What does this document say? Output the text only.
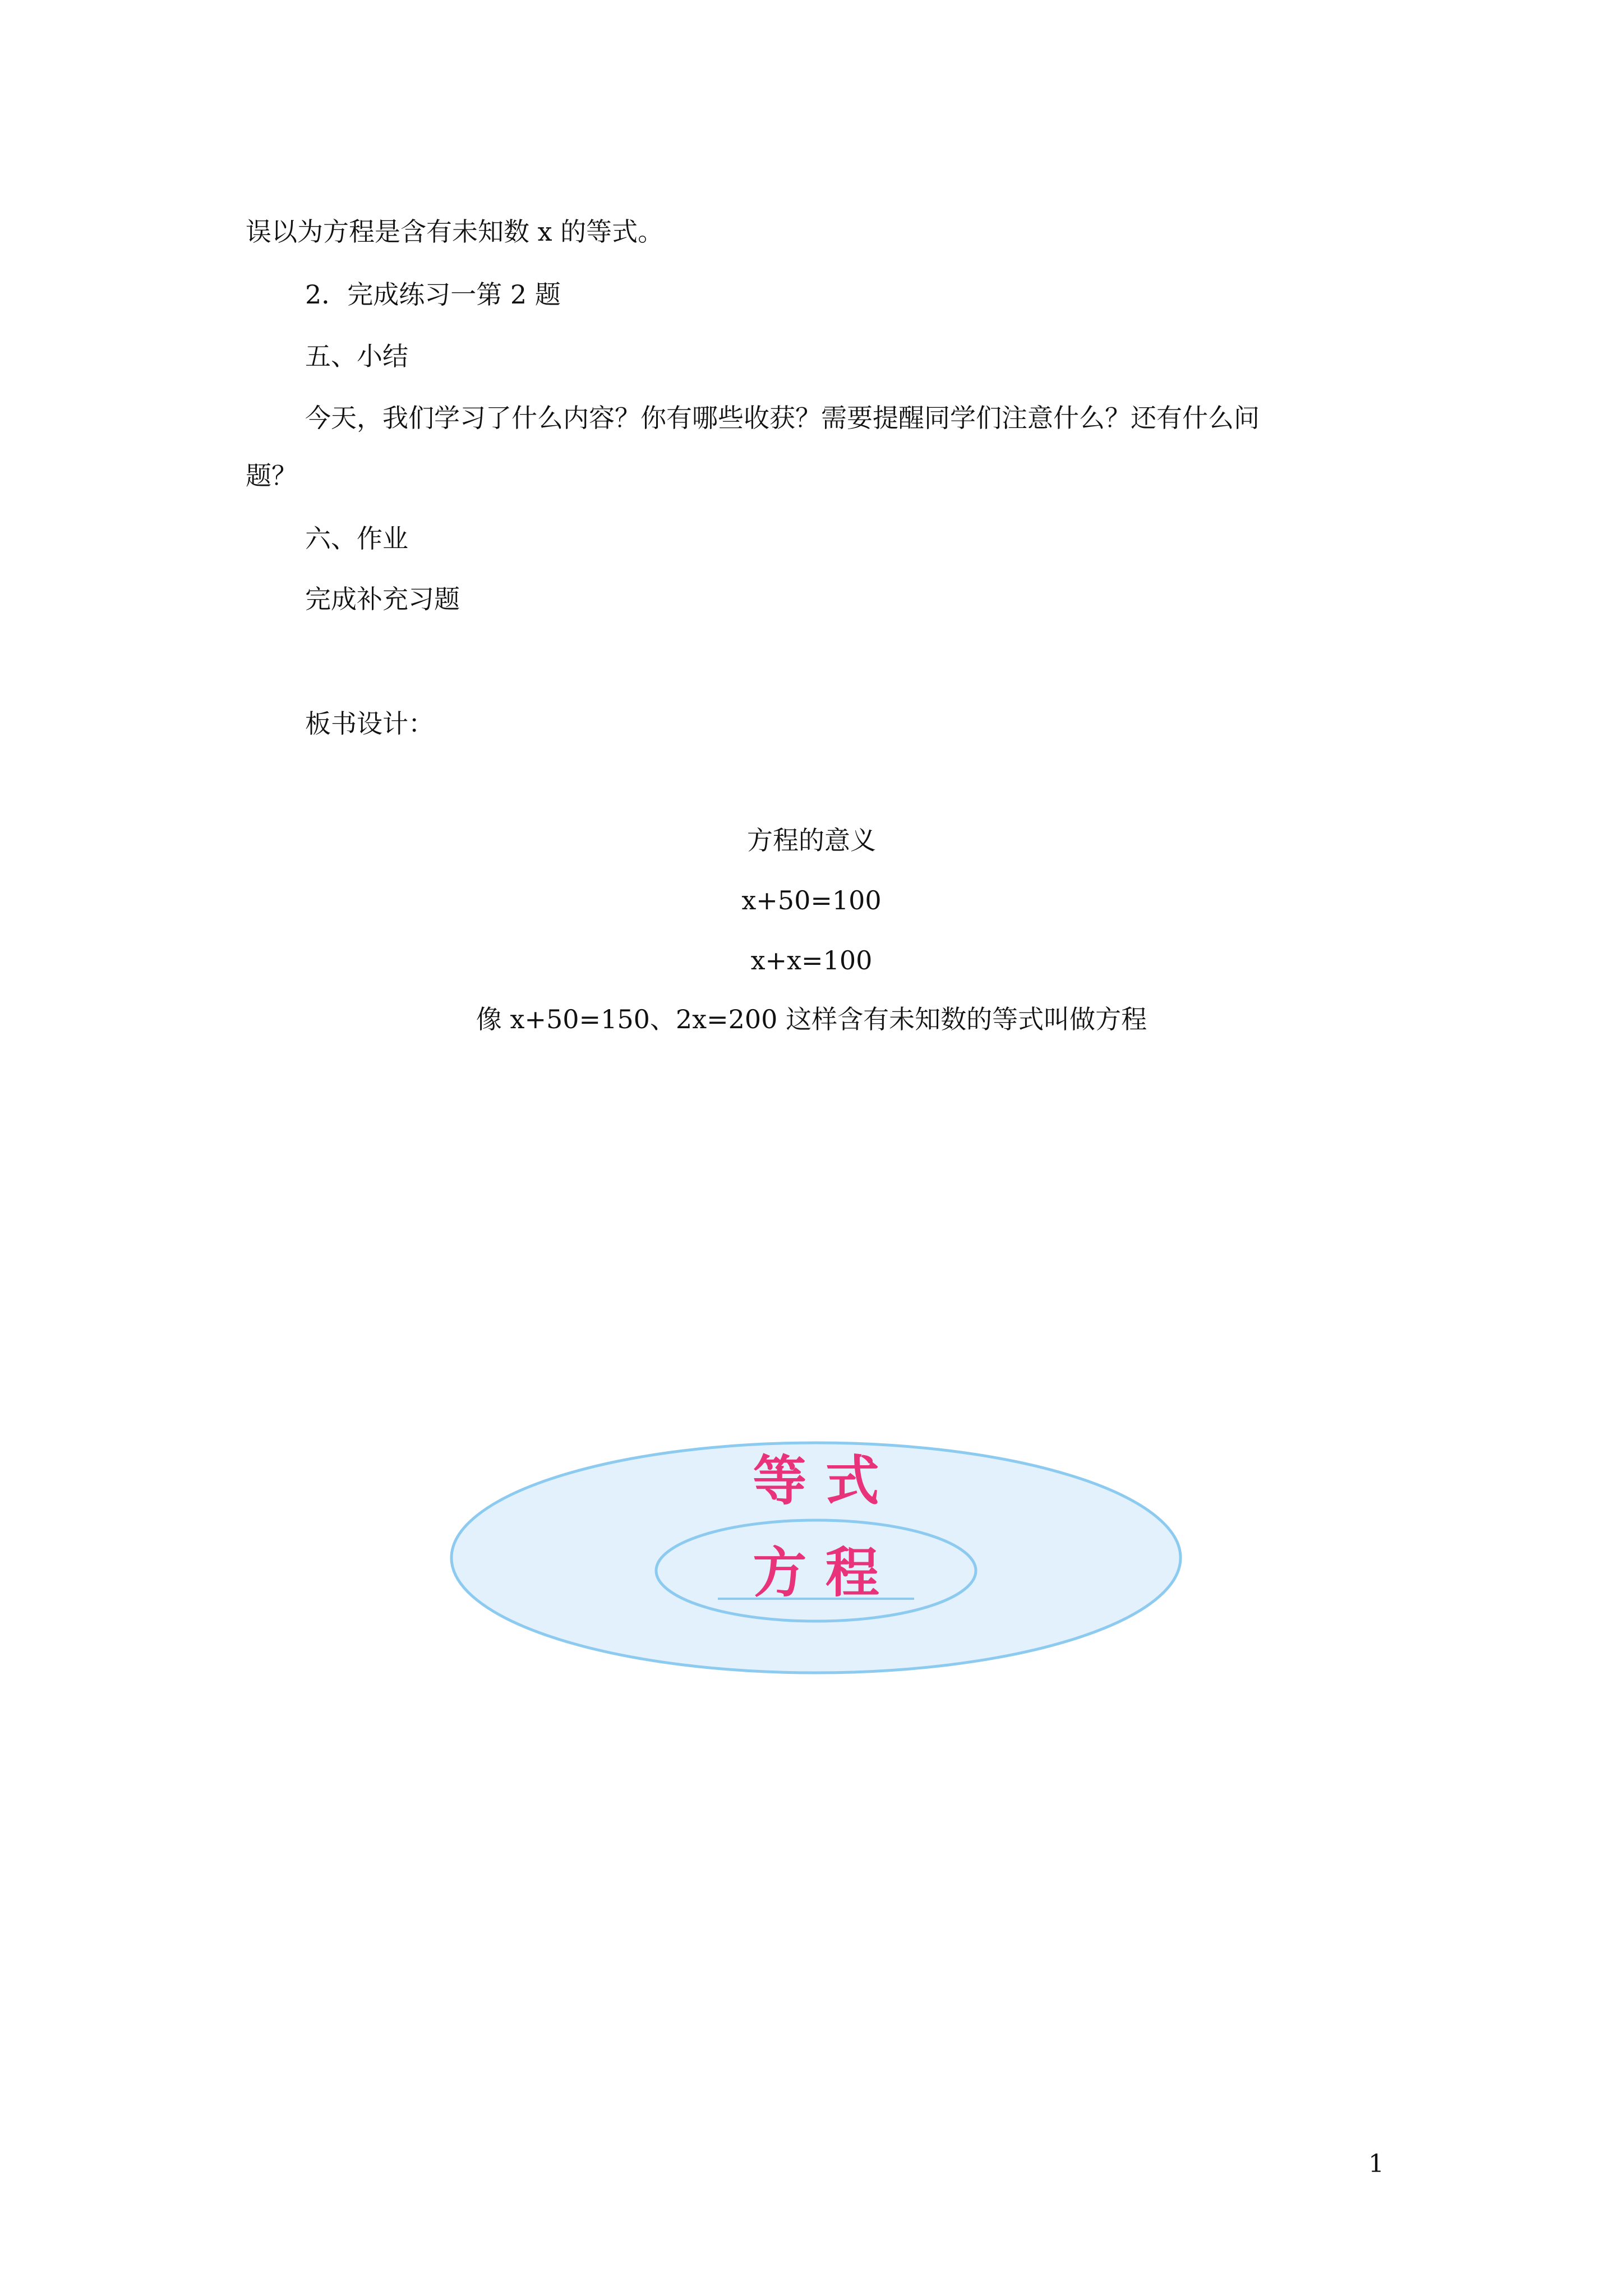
误以为方程是含有未知数 x 的等式。

2．完成练习一第 2 题

五、小结

今天，我们学习了什么内容？你有哪些收获？需要提醒同学们注意什么？还有什么问

题？

六、作业

完成补充习题

板书设计：

方程的意义

x+50=100

x+x=100

像 x+50=150、2x=200 这样含有未知数的等式叫做方程

等 式
方 程
1
